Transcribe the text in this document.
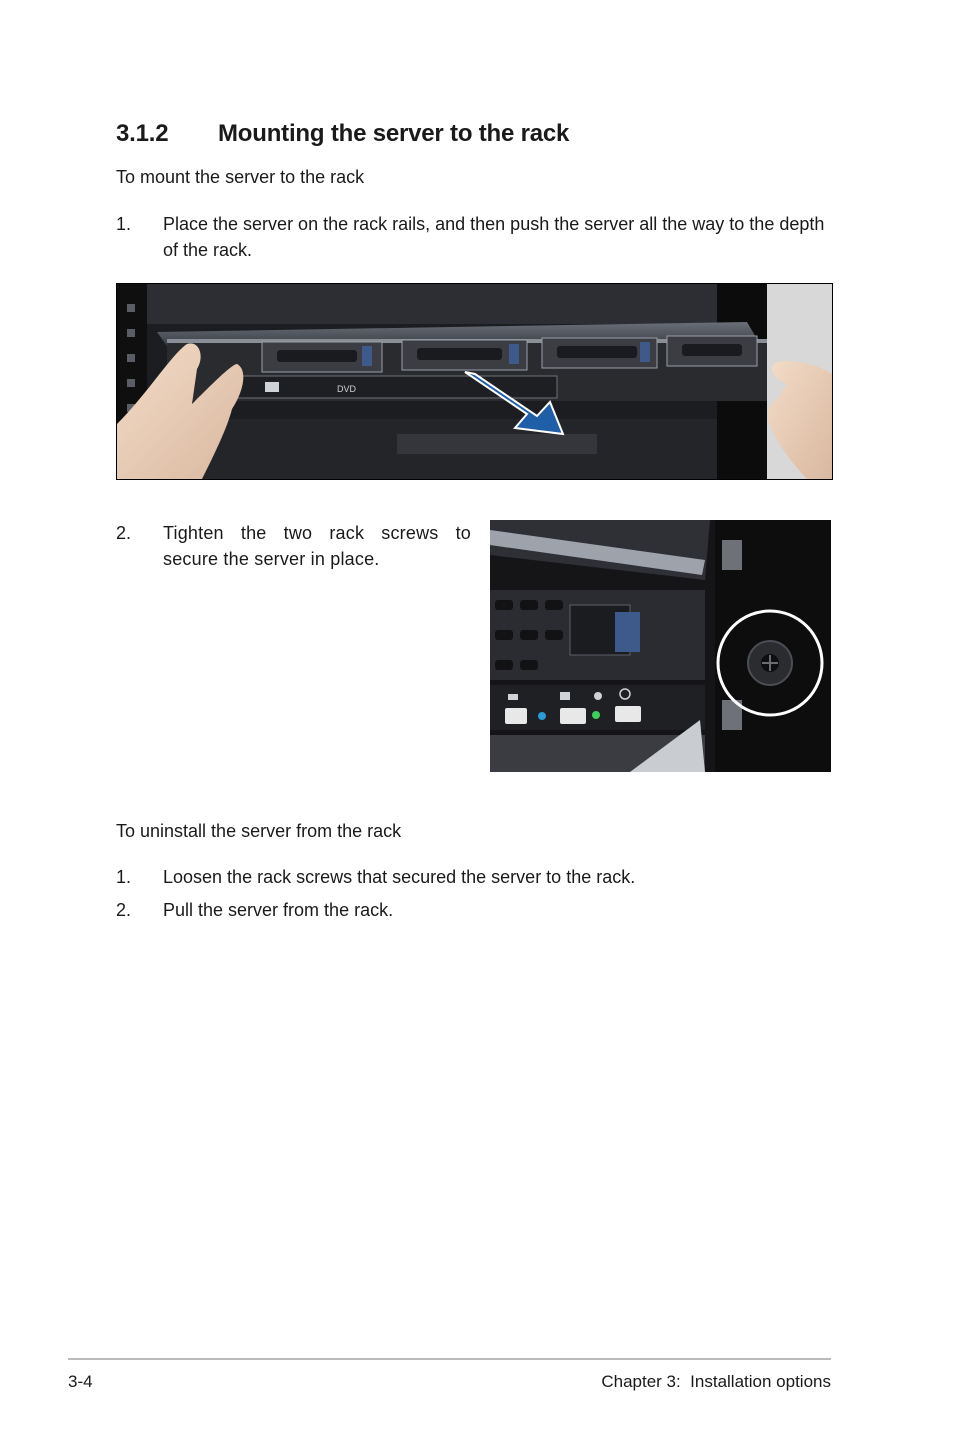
3.1.2	Mounting the server to the rack
To mount the server to the rack
1.	Place the server on the rack rails, and then push the server all the way to the depth of the rack.
DVD
2.	Tighten the two rack screws to secure the server in place.
To uninstall the server from the rack
1.	Loosen the rack screws that secured the server to the rack.
2.	Pull the server from the rack.
3-4	Chapter 3:  Installation options
